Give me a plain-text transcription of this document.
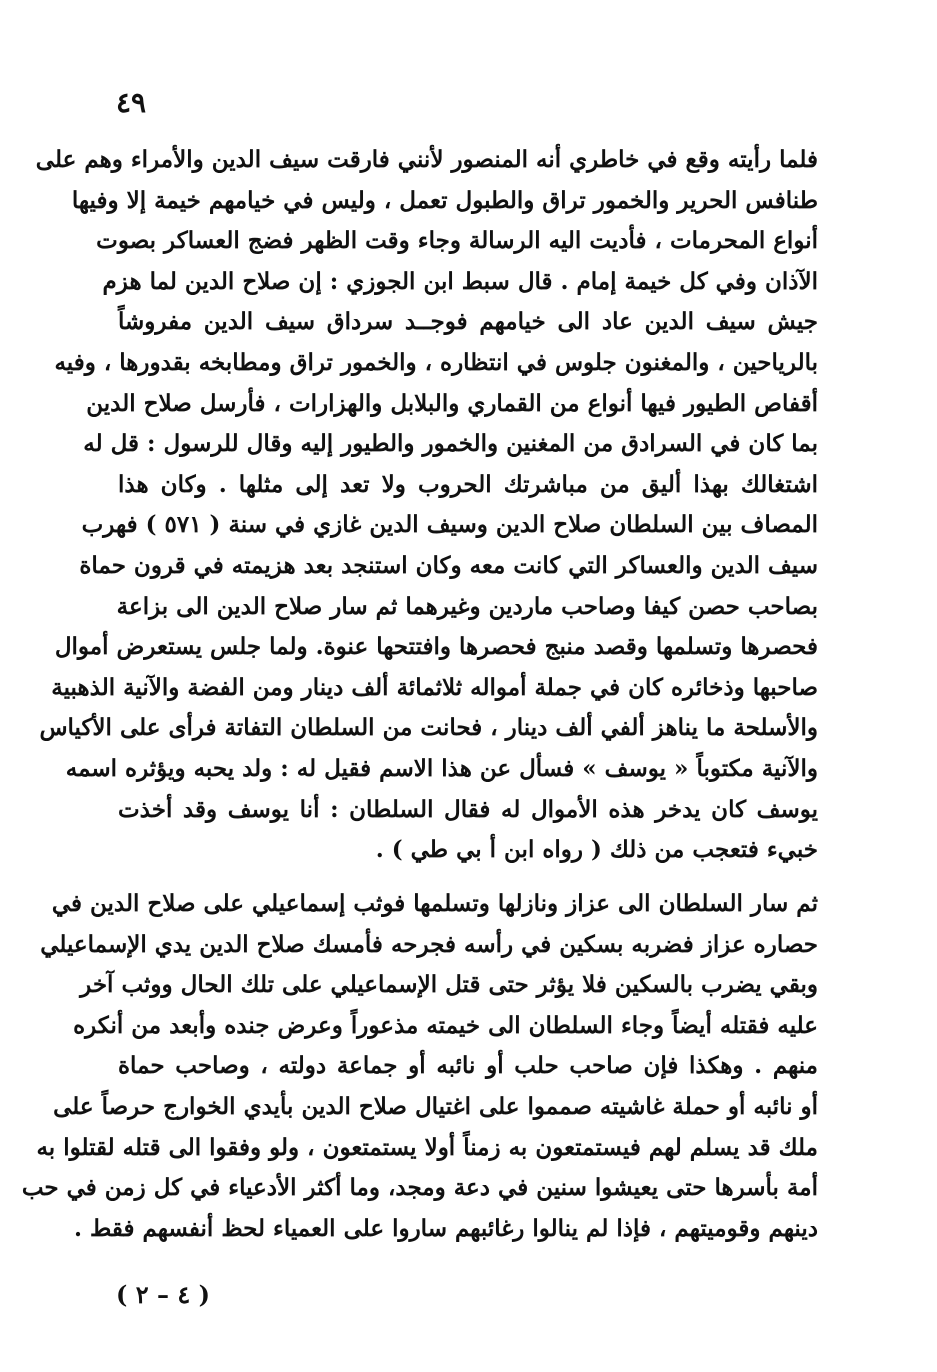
٤٩
فلما رأيته وقع في خاطري أنه المنصور لأنني فارقت سيف الدين والأمراء وهم على
طنافس الحرير والخمور تراق والطبول تعمل ، وليس في خيامهم خيمة إلا وفيها
أنواع المحرمات ، فأديت اليه الرسالة وجاء وقت الظهر فضج العساكر بصوت
الآذان وفي كل خيمة إمام . قال سبط ابن الجوزي : إن صلاح الدين لما هزم
جيش سيف الدين عاد الى خيامهم فوجــد سرداق سيف الدين مفروشاً
بالرياحين ، والمغنون جلوس في انتظاره ، والخمور تراق ومطابخه بقدورها ، وفيه
أقفاص الطيور فيها أنواع من القماري والبلابل والهزارات ، فأرسل صلاح الدين
بما كان في السرادق من المغنين والخمور والطيور إليه وقال للرسول : قل له
اشتغالك بهذا أليق من مباشرتك الحروب ولا تعد إلى مثلها . وكان هذا
المصاف بين السلطان صلاح الدين وسيف الدين غازي في سنة ( ٥٧١ ) فهرب
سيف الدين والعساكر التي كانت معه وكان استنجد بعد هزيمته في قرون حماة
بصاحب حصن كيفا وصاحب ماردين وغيرهما ثم سار صلاح الدين الى بزاعة
فحصرها وتسلمها وقصد منبج فحصرها وافتتحها عنوة. ولما جلس يستعرض أموال
صاحبها وذخائره كان في جملة أمواله ثلاثمائة ألف دينار ومن الفضة والآنية الذهبية
والأسلحة ما يناهز ألفي ألف دينار ، فحانت من السلطان التفاتة فرأى على الأكياس
والآنية مكتوباً « يوسف » فسأل عن هذا الاسم فقيل له : ولد يحبه ويؤثره اسمه
يوسف كان يدخر هذه الأموال له فقال السلطان : أنا يوسف وقد أخذت
خبيء فتعجب من ذلك ( رواه ابن أ بي طي ) .
ثم سار السلطان الى عزاز ونازلها وتسلمها فوثب إسماعيلي على صلاح الدين في
حصاره عزاز فضربه بسكين في رأسه فجرحه فأمسك صلاح الدين يدي الإسماعيلي
وبقي يضرب بالسكين فلا يؤثر حتى قتل الإسماعيلي على تلك الحال ووثب آخر
عليه فقتله أيضاً وجاء السلطان الى خيمته مذعوراً وعرض جنده وأبعد من أنكره
منهم . وهكذا فإن صاحب حلب أو نائبه أو جماعة دولته ، وصاحب حماة
أو نائبه أو حملة غاشيته صمموا على اغتيال صلاح الدين بأيدي الخوارج حرصاً على
ملك قد يسلم لهم فيستمتعون به زمناً أولا يستمتعون ، ولو وفقوا الى قتله لقتلوا به
أمة بأسرها حتى يعيشوا سنين في دعة ومجد، وما أكثر الأدعياء في كل زمن في حب
دينهم وقوميتهم ، فإذا لم ينالوا رغائبهم ساروا على العمياء لحظ أنفسهم فقط .
( ٤ – ٢ )
